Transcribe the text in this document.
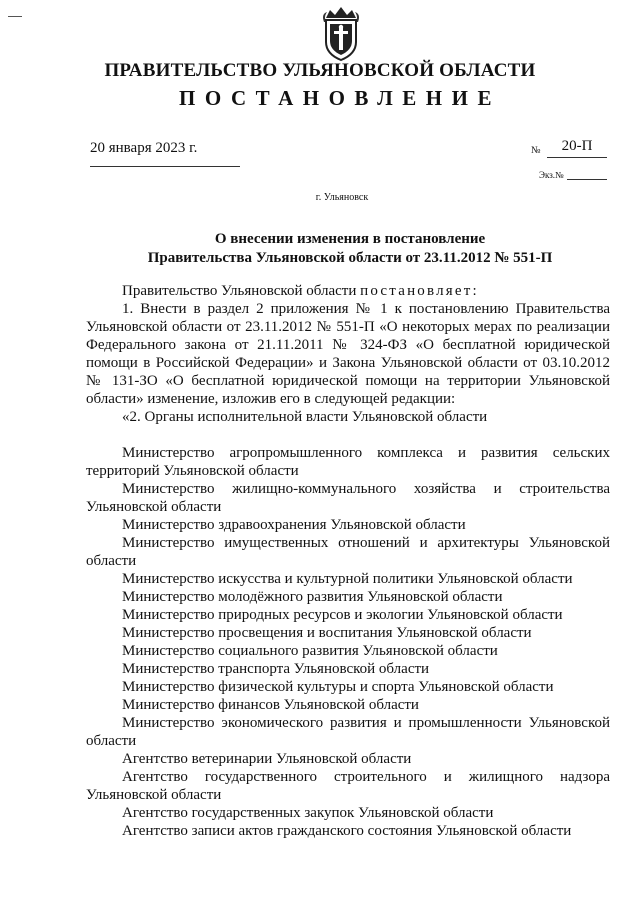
ПРАВИТЕЛЬСТВО УЛЬЯНОВСКОЙ ОБЛАСТИ
ПОСТАНОВЛЕНИЕ
20 января 2023 г.	№	20-П
Экз.№
г. Ульяновск
О внесении изменения в постановление
Правительства Ульяновской области от 23.11.2012 № 551-П

Правительство Ульяновской области постановляет:

1. Внести в раздел 2 приложения № 1 к постановлению Правительства Ульяновской области от 23.11.2012 № 551-П «О некоторых мерах по реализации Федерального закона от 21.11.2011 № 324-ФЗ «О бесплатной юридической помощи в Российской Федерации» и Закона Ульяновской области от 03.10.2012 № 131-ЗО «О бесплатной юридической помощи на территории Ульяновской области» изменение, изложив его в следующей редакции:

«2. Органы исполнительной власти Ульяновской области

Министерство агропромышленного комплекса и развития сельских территорий Ульяновской области

Министерство жилищно-коммунального хозяйства и строительства Ульяновской области

Министерство здравоохранения Ульяновской области

Министерство имущественных отношений и архитектуры Ульяновской области

Министерство искусства и культурной политики Ульяновской области

Министерство молодёжного развития Ульяновской области

Министерство природных ресурсов и экологии Ульяновской области

Министерство просвещения и воспитания Ульяновской области

Министерство социального развития Ульяновской области

Министерство транспорта Ульяновской области

Министерство физической культуры и спорта Ульяновской области

Министерство финансов Ульяновской области

Министерство экономического развития и промышленности Ульяновской области

Агентство ветеринарии Ульяновской области

Агентство государственного строительного и жилищного надзора Ульяновской области

Агентство государственных закупок Ульяновской области

Агентство записи актов гражданского состояния Ульяновской области
